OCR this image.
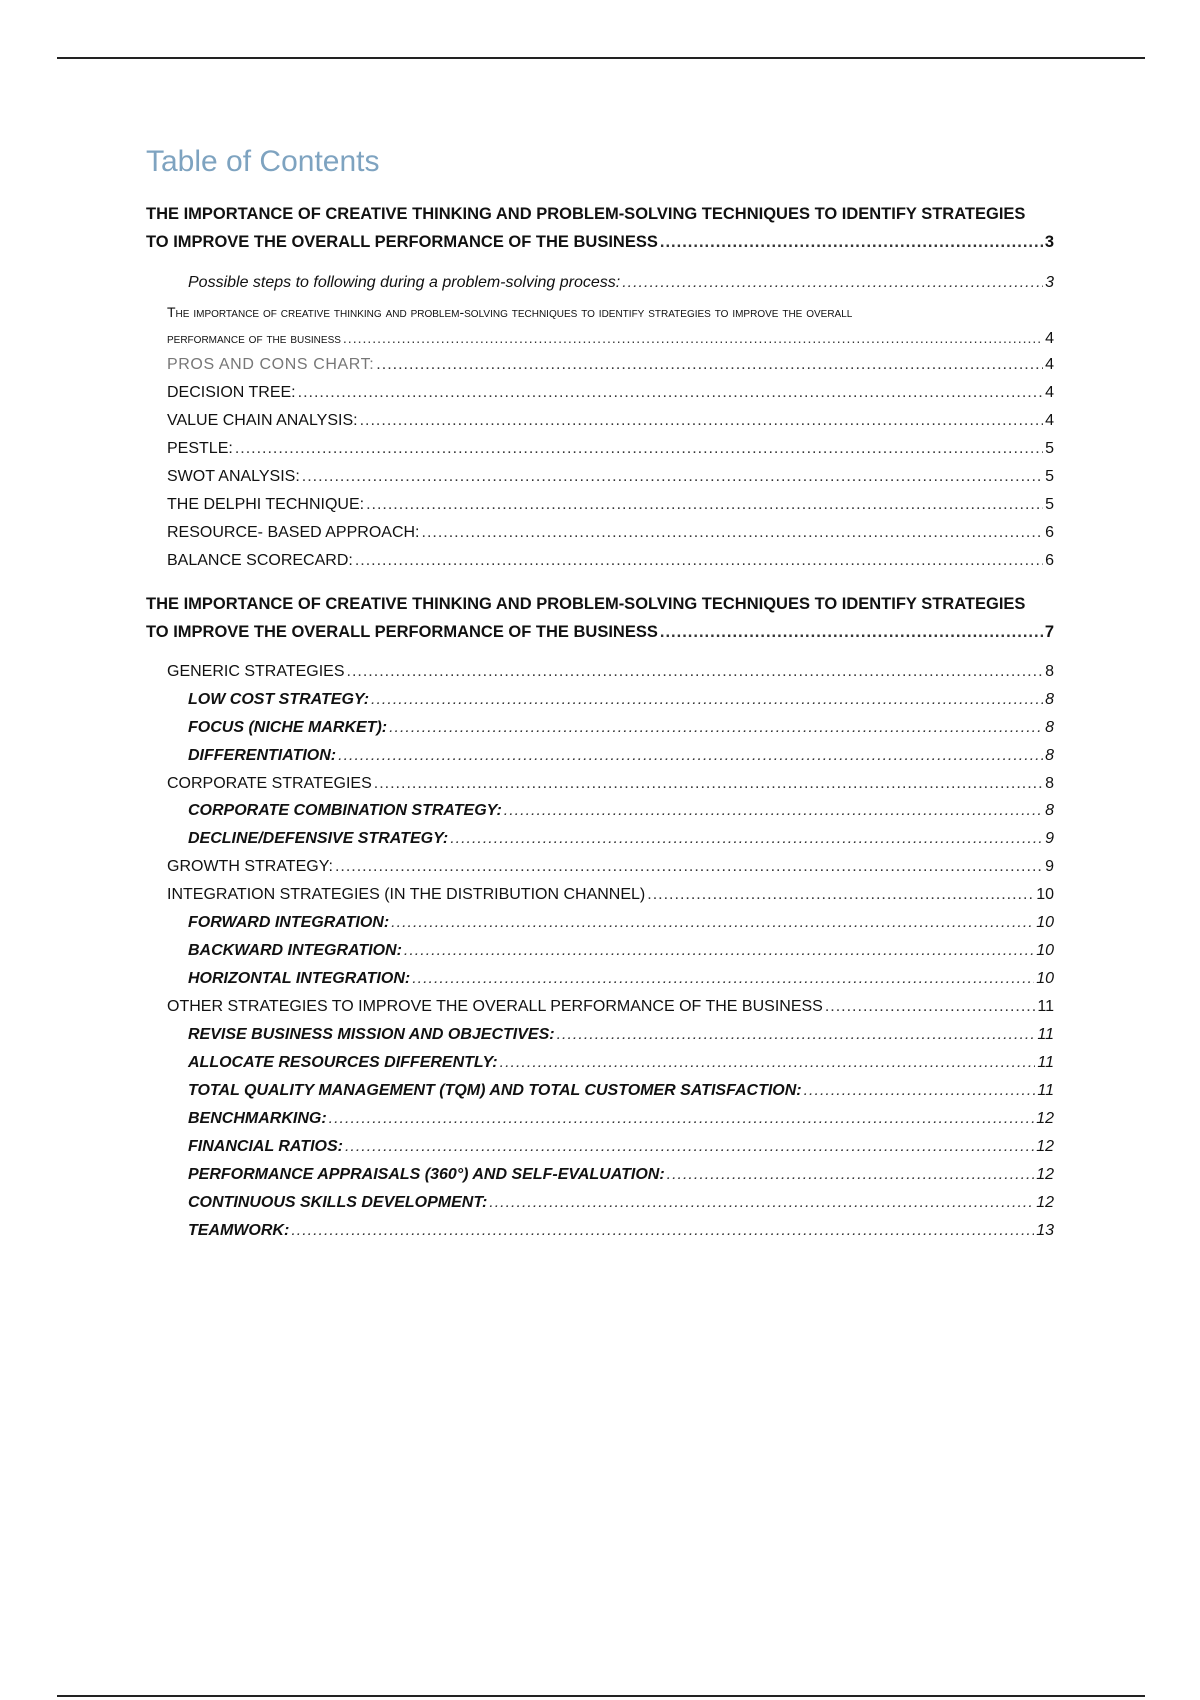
Table of Contents
THE IMPORTANCE OF CREATIVE THINKING AND PROBLEM-SOLVING TECHNIQUES TO IDENTIFY STRATEGIES
TO IMPROVE THE OVERALL PERFORMANCE OF THE BUSINESS .....	3
Possible steps to following during a problem-solving process: .....	3
The importance of creative thinking and problem-solving techniques to identify strategies to improve the overall
performance of the business .....	4
PROS AND CONS CHART: .....	4
DECISION TREE: .....	4
VALUE CHAIN ANALYSIS: .....	4
PESTLE: .....	5
SWOT ANALYSIS: .....	5
THE DELPHI TECHNIQUE: .....	5
RESOURCE- BASED APPROACH: .....	6
BALANCE SCORECARD: .....	6
THE IMPORTANCE OF CREATIVE THINKING AND PROBLEM-SOLVING TECHNIQUES TO IDENTIFY STRATEGIES
TO IMPROVE THE OVERALL PERFORMANCE OF THE BUSINESS .....	7
GENERIC STRATEGIES .....	8
LOW COST STRATEGY: .....	8
FOCUS (NICHE MARKET): .....	8
DIFFERENTIATION: .....	8
CORPORATE STRATEGIES .....	8
CORPORATE COMBINATION STRATEGY: .....	8
DECLINE/DEFENSIVE STRATEGY: .....	9
GROWTH STRATEGY: .....	9
INTEGRATION STRATEGIES (IN THE DISTRIBUTION CHANNEL) .....	10
FORWARD INTEGRATION: .....	10
BACKWARD INTEGRATION: .....	10
HORIZONTAL INTEGRATION: .....	10
OTHER STRATEGIES TO IMPROVE THE OVERALL PERFORMANCE OF THE BUSINESS .....	11
REVISE BUSINESS MISSION AND OBJECTIVES: .....	11
ALLOCATE RESOURCES DIFFERENTLY: .....	11
TOTAL QUALITY MANAGEMENT (TQM) AND TOTAL CUSTOMER SATISFACTION: .....	11
BENCHMARKING: .....	12
FINANCIAL RATIOS: .....	12
PERFORMANCE APPRAISALS (360°) AND SELF-EVALUATION: .....	12
CONTINUOUS SKILLS DEVELOPMENT: .....	12
TEAMWORK: .....	13
